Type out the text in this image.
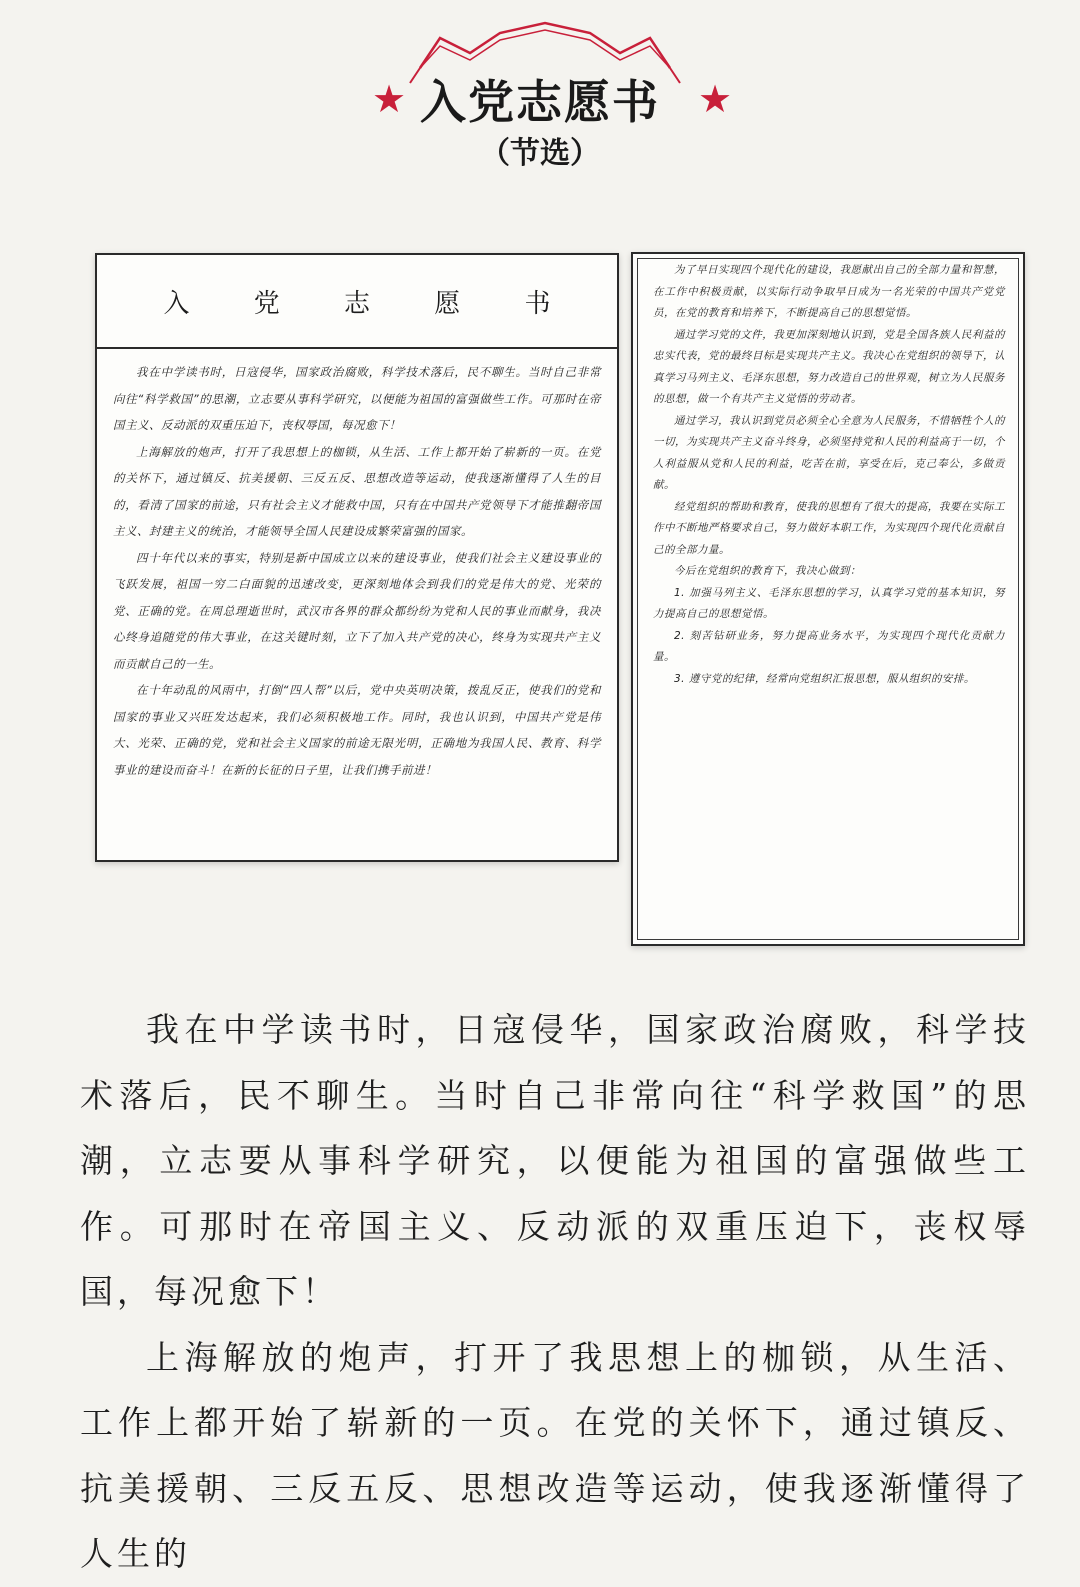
★	★
入党志愿书
（节选）
入 党 志 愿 书

我在中学读书时，日寇侵华，国家政治腐败，科学技术落后，民不聊生。当时自己非常向往“科学救国”的思潮，立志要从事科学研究，以便能为祖国的富强做些工作。可那时在帝国主义、反动派的双重压迫下，丧权辱国，每况愈下！

上海解放的炮声，打开了我思想上的枷锁，从生活、工作上都开始了崭新的一页。在党的关怀下，通过镇反、抗美援朝、三反五反、思想改造等运动，使我逐渐懂得了人生的目的，看清了国家的前途，只有社会主义才能救中国，只有在中国共产党领导下才能推翻帝国主义、封建主义的统治，才能领导全国人民建设成繁荣富强的国家。

四十年代以来的事实，特别是新中国成立以来的建设事业，使我们社会主义建设事业的飞跃发展，祖国一穷二白面貌的迅速改变，更深刻地体会到我们的党是伟大的党、光荣的党、正确的党。在周总理逝世时，武汉市各界的群众都纷纷为党和人民的事业而献身，我决心终身追随党的伟大事业，在这关键时刻，立下了加入共产党的决心，终身为实现共产主义而贡献自己的一生。

在十年动乱的风雨中，打倒“四人帮”以后，党中央英明决策，拨乱反正，使我们的党和国家的事业又兴旺发达起来，我们必须积极地工作。同时，我也认识到，中国共产党是伟大、光荣、正确的党，党和社会主义国家的前途无限光明，正确地为我国人民、教育、科学事业的建设而奋斗！在新的长征的日子里，让我们携手前进！

为了早日实现四个现代化的建设，我愿献出自己的全部力量和智慧，在工作中积极贡献，以实际行动争取早日成为一名光荣的中国共产党党员，在党的教育和培养下，不断提高自己的思想觉悟。

通过学习党的文件，我更加深刻地认识到，党是全国各族人民利益的忠实代表，党的最终目标是实现共产主义。我决心在党组织的领导下，认真学习马列主义、毛泽东思想，努力改造自己的世界观，树立为人民服务的思想，做一个有共产主义觉悟的劳动者。

通过学习，我认识到党员必须全心全意为人民服务，不惜牺牲个人的一切，为实现共产主义奋斗终身，必须坚持党和人民的利益高于一切，个人利益服从党和人民的利益，吃苦在前，享受在后，克己奉公，多做贡献。

经党组织的帮助和教育，使我的思想有了很大的提高，我要在实际工作中不断地严格要求自己，努力做好本职工作，为实现四个现代化贡献自己的全部力量。

今后在党组织的教育下，我决心做到：

1. 加强马列主义、毛泽东思想的学习，认真学习党的基本知识，努力提高自己的思想觉悟。

2. 刻苦钻研业务，努力提高业务水平，为实现四个现代化贡献力量。

3. 遵守党的纪律，经常向党组织汇报思想，服从组织的安排。

我在中学读书时，日寇侵华，国家政治腐败，科学技术落后，民不聊生。当时自己非常向往“科学救国”的思潮，立志要从事科学研究，以便能为祖国的富强做些工作。可那时在帝国主义、反动派的双重压迫下，丧权辱国，每况愈下！

上海解放的炮声，打开了我思想上的枷锁，从生活、工作上都开始了崭新的一页。在党的关怀下，通过镇反、抗美援朝、三反五反、思想改造等运动，使我逐渐懂得了人生的
